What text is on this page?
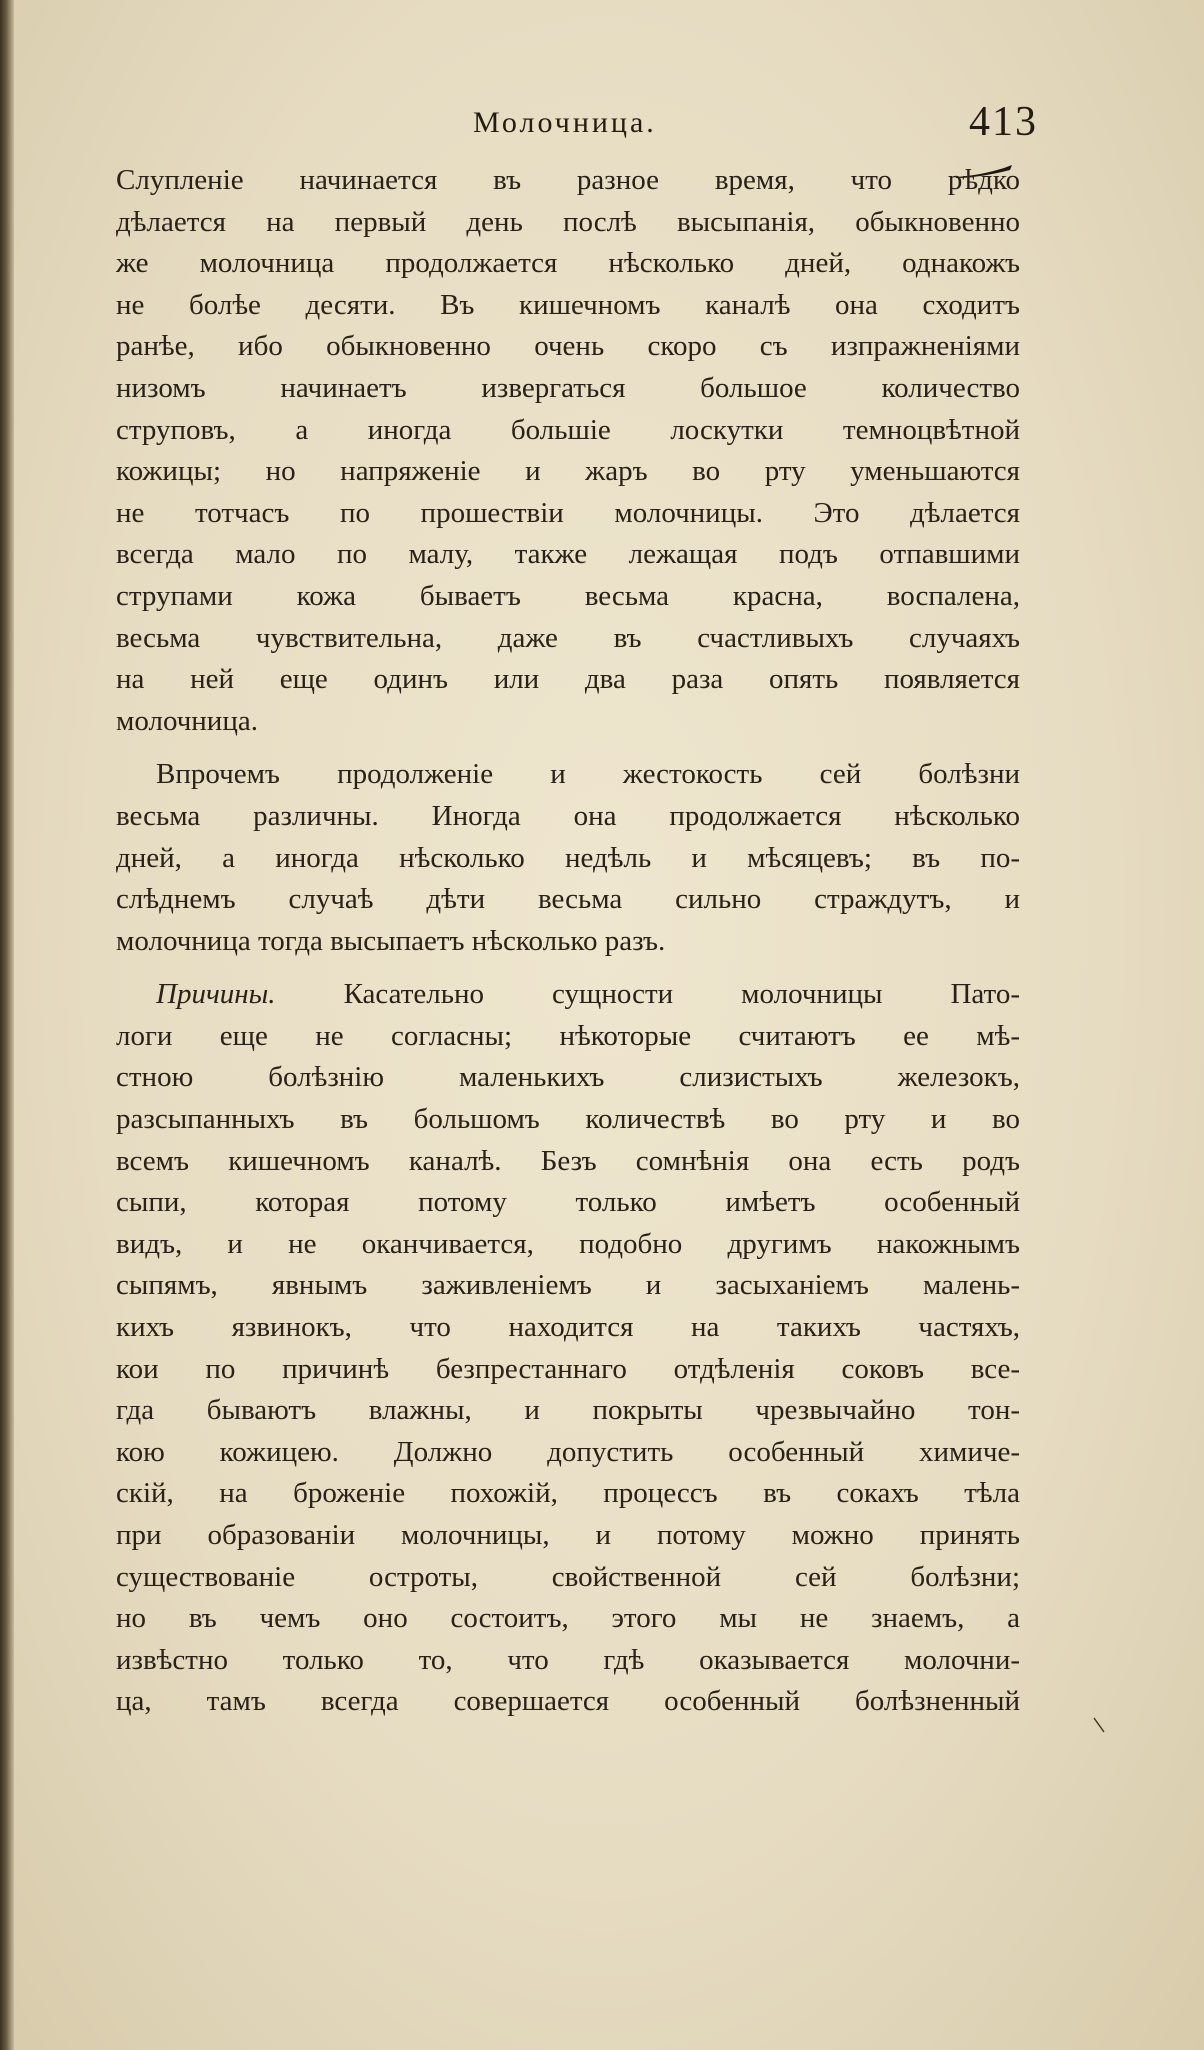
Молочница.	413
Слупленіе начинается въ разное время, что рѣдко
дѣлается на первый день послѣ высыпанія, обыкновенно
же молочница продолжается нѣсколько дней, однакожъ
не болѣе десяти. Въ кишечномъ каналѣ она сходитъ
ранѣе, ибо обыкновенно очень скоро съ изпражненіями
низомъ начинаетъ извергаться большое количество
струповъ, а иногда большіе лоскутки темноцвѣтной
кожицы; но напряженіе и жаръ во рту уменьшаются
не тотчасъ по прошествіи молочницы. Это дѣлается
всегда мало по малу, также лежащая подъ отпавшими
струпами кожа бываетъ весьма красна, воспалена,
весьма чувствительна, даже въ счастливыхъ случаяхъ
на ней еще одинъ или два раза опять появляется
молочница.
Впрочемъ продолженіе и жестокость сей болѣзни
весьма различны. Иногда она продолжается нѣсколько
дней, а иногда нѣсколько недѣль и мѣсяцевъ; въ по-
слѣднемъ случаѣ дѣти весьма сильно страждутъ, и
молочница тогда высыпаетъ нѣсколько разъ.
Причины. Касательно сущности молочницы Пато-
логи еще не согласны; нѣкоторые считаютъ ее мѣ-
стною болѣзнію маленькихъ слизистыхъ железокъ,
разсыпанныхъ въ большомъ количествѣ во рту и во
всемъ кишечномъ каналѣ. Безъ сомнѣнія она есть родъ
сыпи, которая потому только имѣетъ особенный
видъ, и не оканчивается, подобно другимъ накожнымъ
сыпямъ, явнымъ заживленіемъ и засыханіемъ малень-
кихъ язвинокъ, что находится на такихъ частяхъ,
кои по причинѣ безпрестаннаго отдѣленія соковъ все-
гда бываютъ влажны, и покрыты чрезвычайно тон-
кою кожицею. Должно допустить особенный химиче-
скій, на броженіе похожій, процессъ въ сокахъ тѣла
при образованіи молочницы, и потому можно принять
существованіе остроты, свойственной сей болѣзни;
но въ чемъ оно состоитъ, этого мы не знаемъ, а
извѣстно только то, что гдѣ оказывается молочни-
ца, тамъ всегда совершается особенный болѣзненный
